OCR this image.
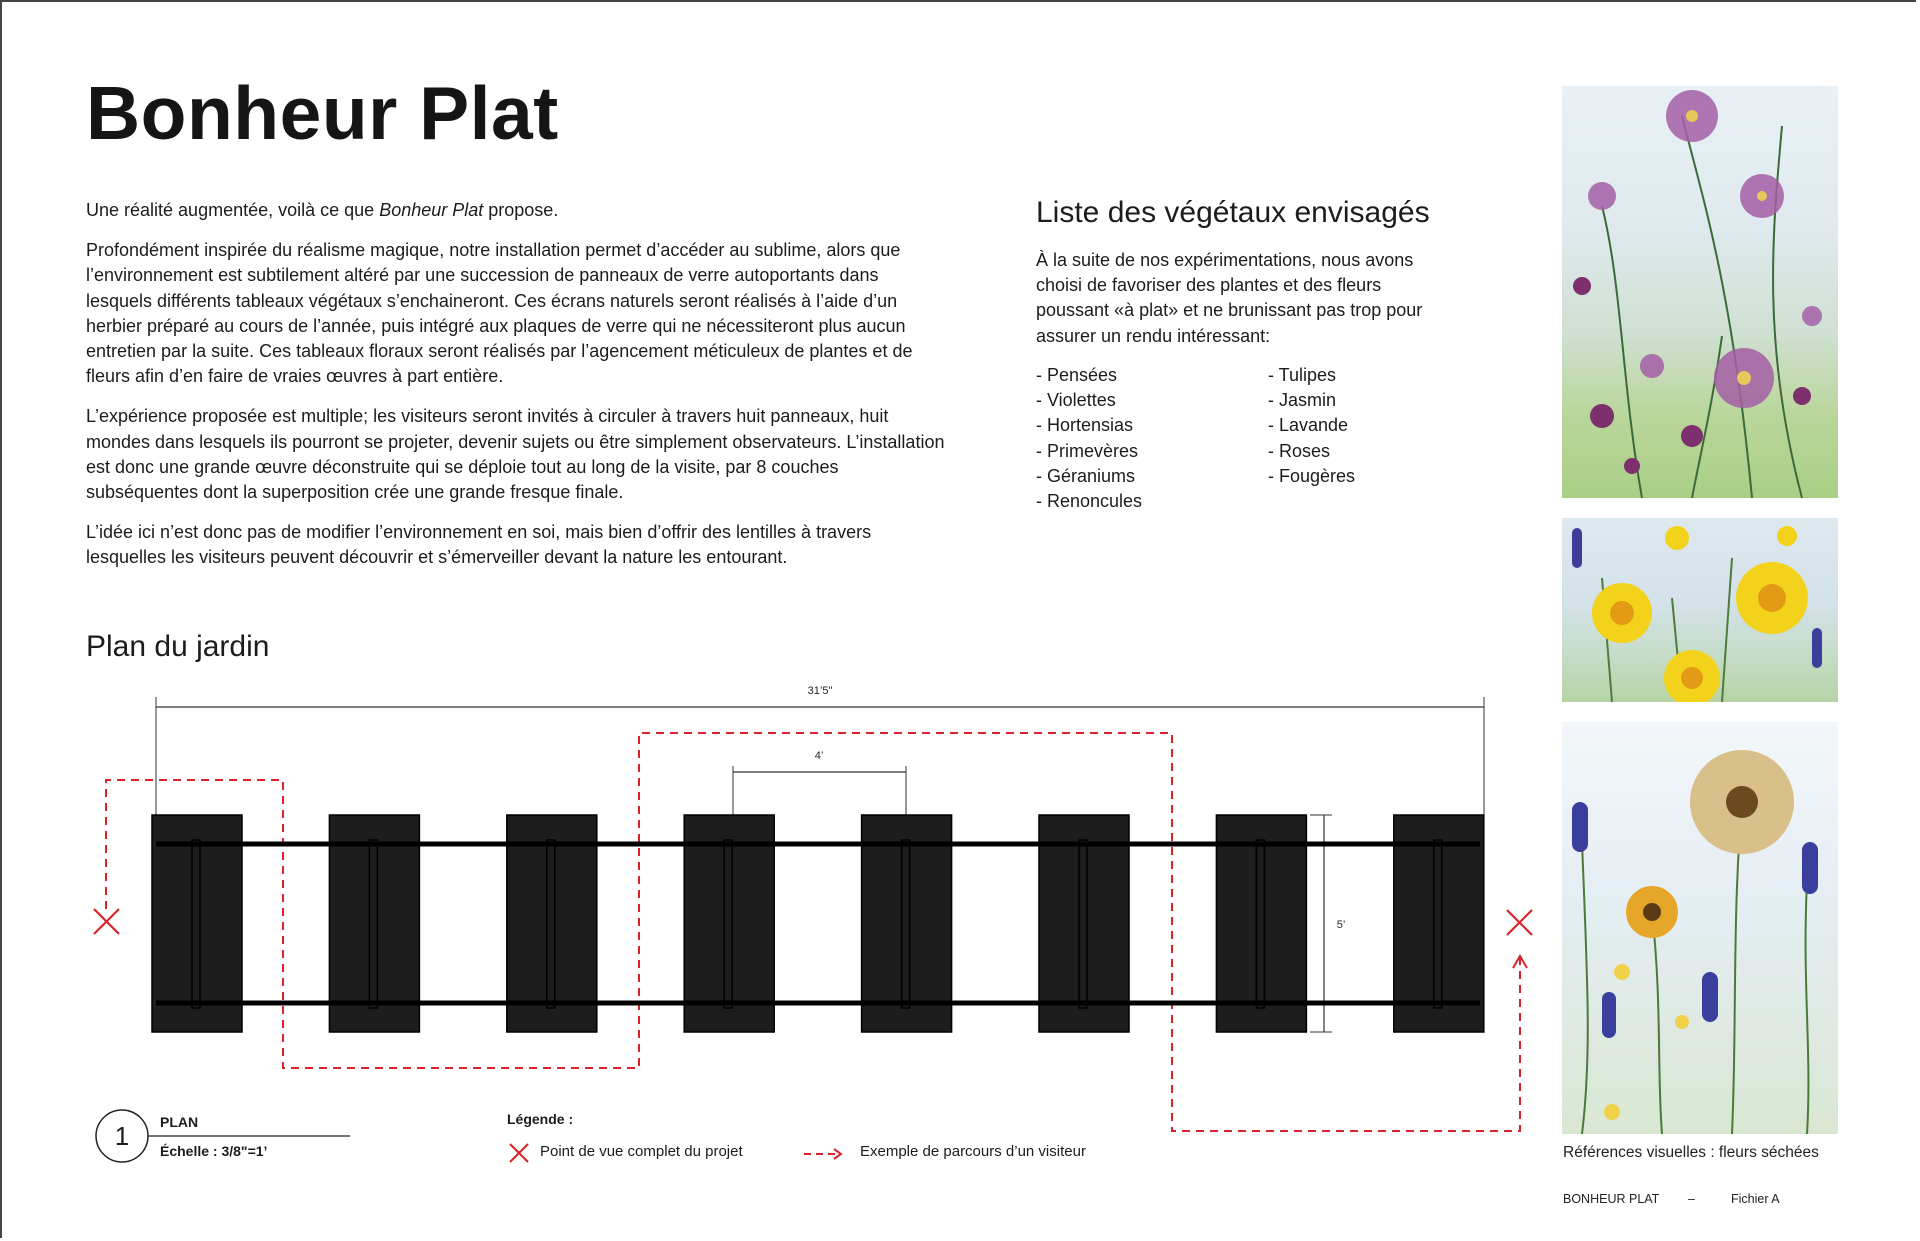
Bonheur Plat

Une réalité augmentée, voilà ce que Bonheur Plat propose.

Profondément inspirée du réalisme magique, notre installation permet d’accéder au sublime, alors que l’environnement est subtilement altéré par une succession de panneaux de verre autoportants dans lesquels différents tableaux végétaux s’enchaineront. Ces écrans naturels seront réalisés à l’aide d’un herbier préparé au cours de l’année, puis intégré aux plaques de verre qui ne nécessiteront plus aucun entretien par la suite. Ces tableaux floraux seront réalisés par l’agencement méticuleux de plantes et de fleurs afin d’en faire de vraies œuvres à part entière.

L’expérience proposée est multiple; les visiteurs seront invités à circuler à travers huit panneaux, huit mondes dans lesquels ils pourront se projeter, devenir sujets ou être simplement observateurs. L’installation est donc une grande œuvre déconstruite qui se déploie tout au long de la visite, par 8 couches subséquentes dont la superposition crée une grande fresque finale.

L’idée ici n’est donc pas de modifier l’environnement en soi, mais bien d’offrir des lentilles à travers lesquelles les visiteurs peuvent découvrir et s’émerveiller devant la nature les entourant.

Liste des végétaux envisagés

À la suite de nos expérimentations, nous avons choisi de favoriser des plantes et des fleurs poussant «à plat» et ne brunissant pas trop pour assurer un rendu intéressant:

- Pensées
- Violettes
- Hortensias
- Primevères
- Géraniums
- Renoncules
- Tulipes
- Jasmin
- Lavande
- Roses
- Fougères
Plan du jardin
31’5"
4’
5’
1	PLAN
Échelle : 3/8"=1’
Légende :
Point de vue complet du projet	Exemple de parcours d’un visiteur	Références visuelles : fleurs séchées

BONHEUR PLAT –	Fichier A
